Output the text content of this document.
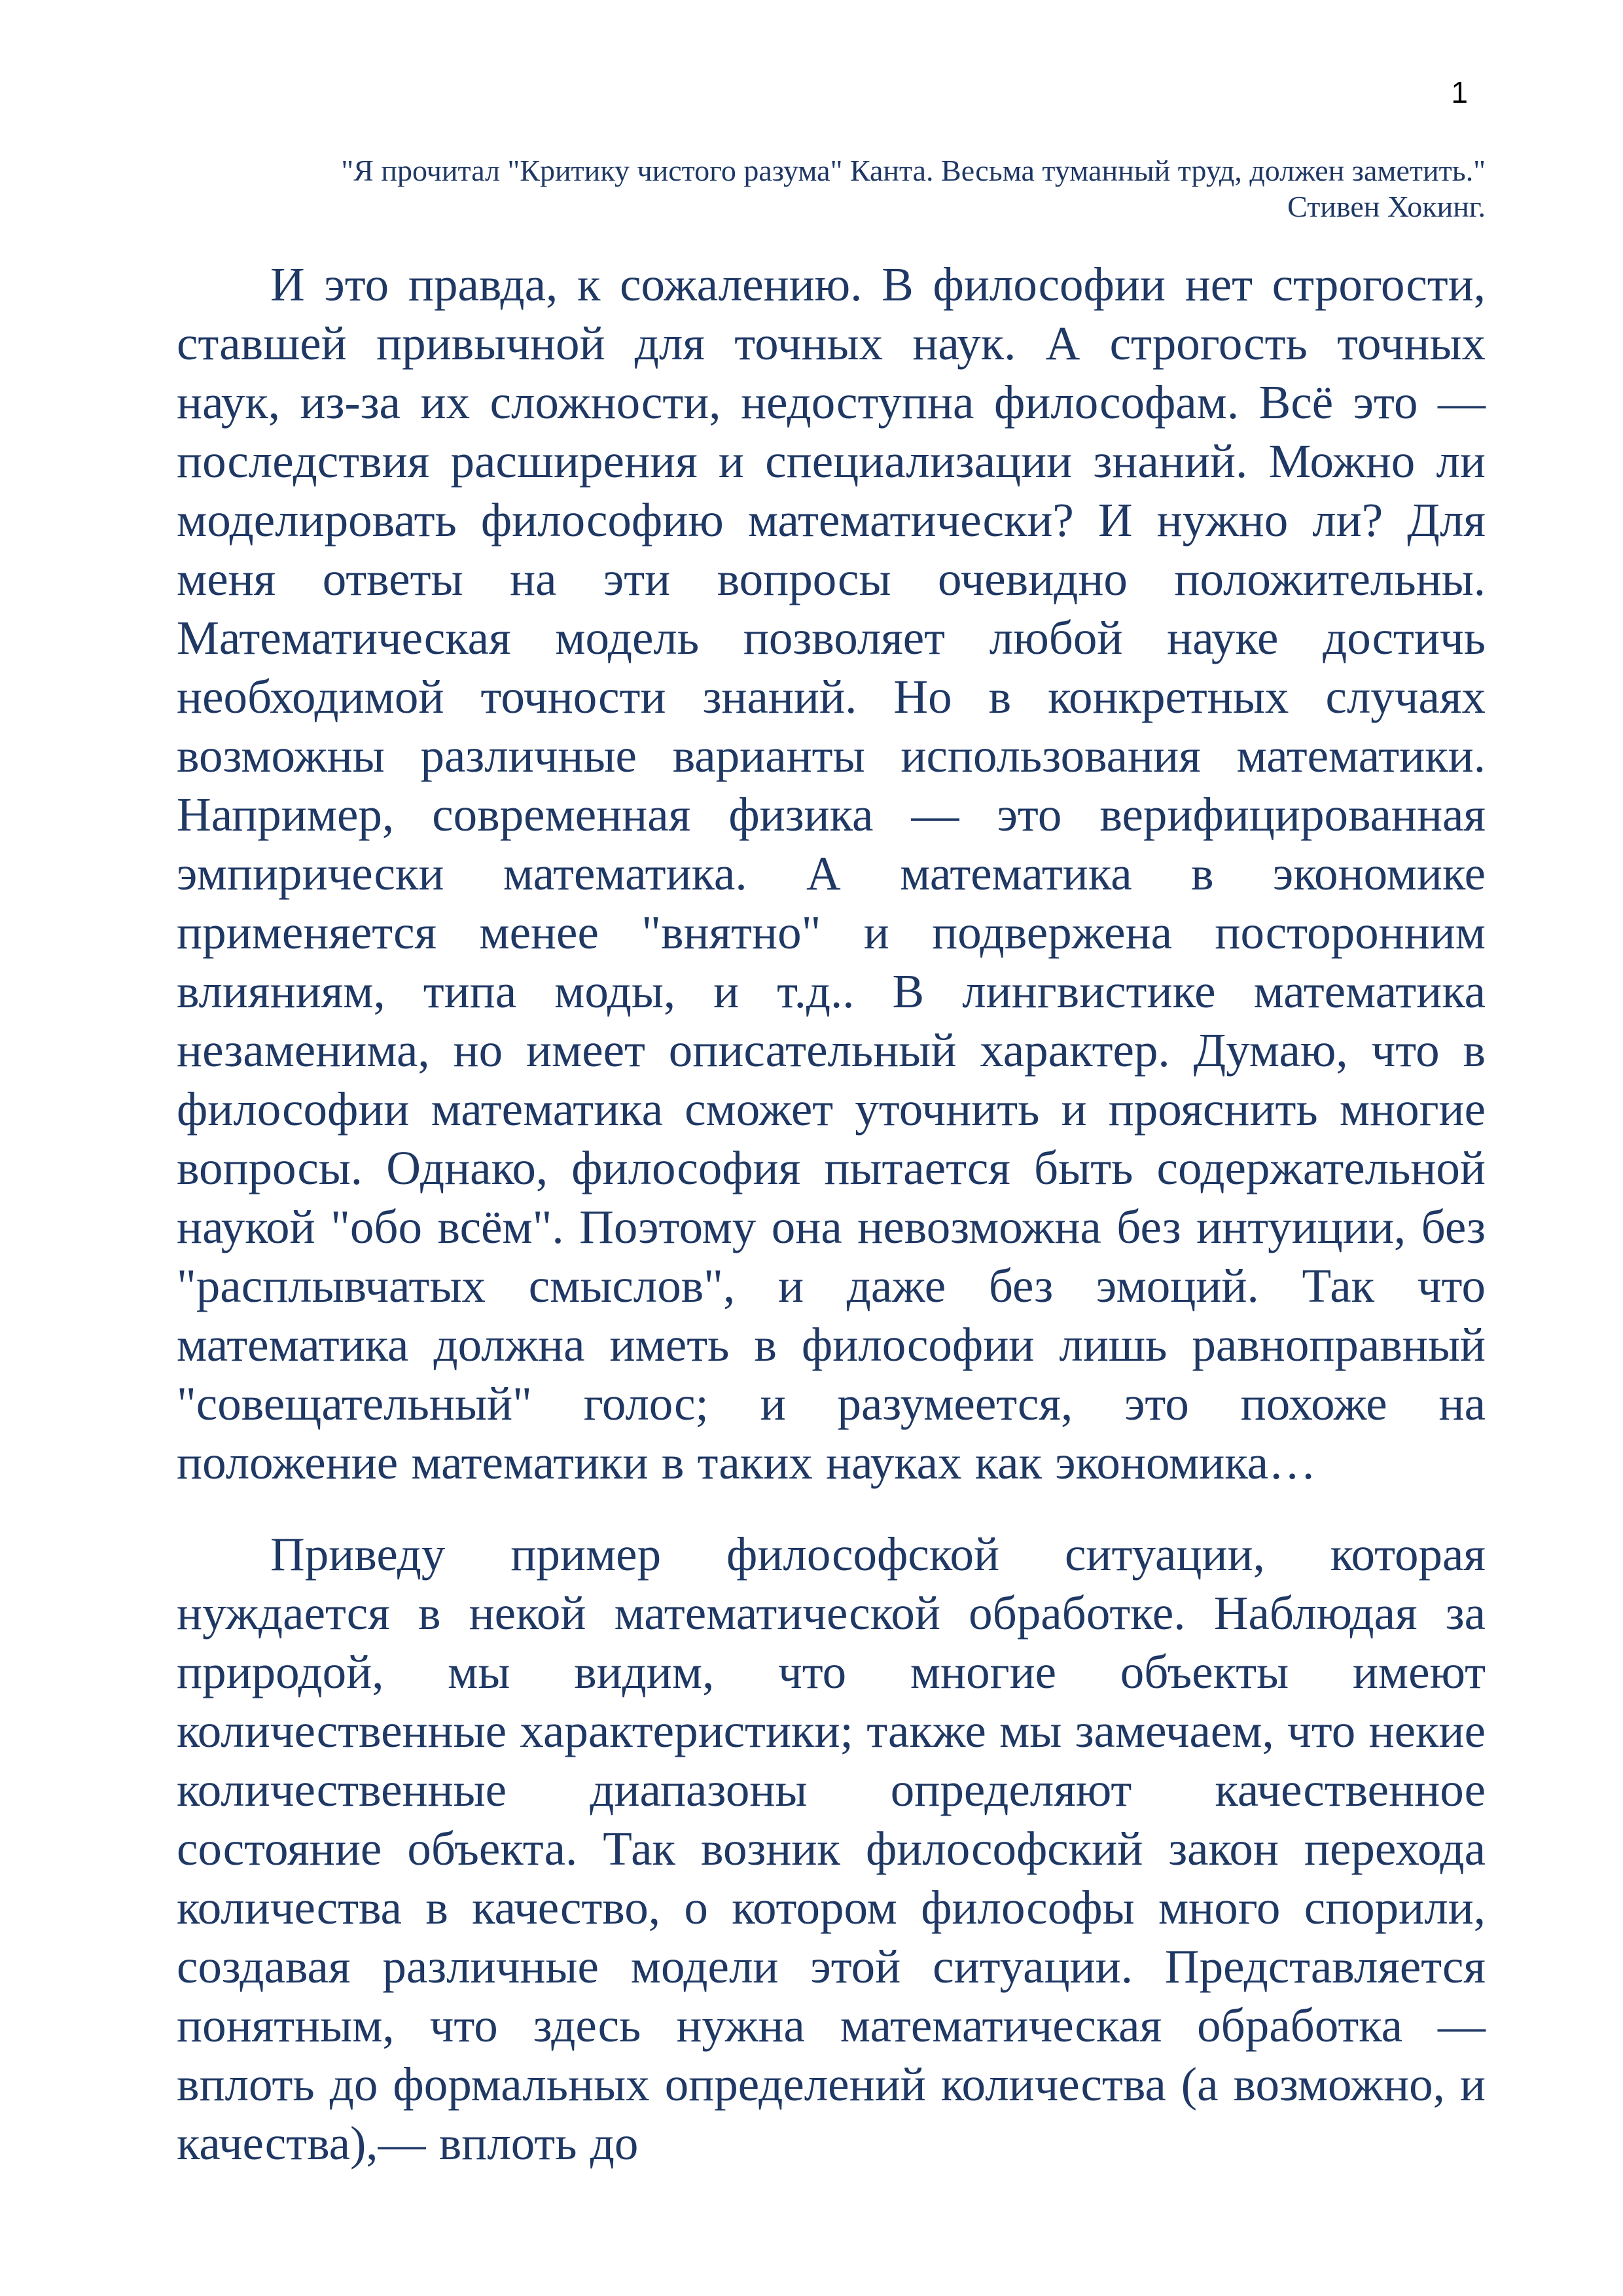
1
"Я прочитал "Критику чистого разума" Канта. Весьма туманный труд, должен заметить."
Стивен Хокинг.

И это правда, к сожалению. В философии нет строгости, ставшей привычной для точных наук. А строгость точных наук, из-за их сложности, недоступна философам. Всё это — последствия расширения и специализации знаний. Можно ли моделировать философию математически? И нужно ли? Для меня ответы на эти вопросы очевидно положительны. Математическая модель позволяет любой науке достичь необходимой точности знаний. Но в конкретных случаях возможны различные варианты использования математики. Например, современная физика — это верифицированная эмпирически математика. А математика в экономике применяется менее "внятно" и подвержена посторонним влияниям, типа моды, и т.д.. В лингвистике математика незаменима, но имеет описательный характер. Думаю, что в философии математика сможет уточнить и прояснить многие вопросы. Однако, философия пытается быть содержательной наукой "обо всём". Поэтому она невозможна без интуиции, без "расплывчатых смыслов", и даже без эмоций. Так что математика должна иметь в философии лишь равноправный "совещательный" голос; и разумеется, это похоже на положение математики в таких науках как экономика…

Приведу пример философской ситуации, которая нуждается в некой математической обработке. Наблюдая за природой, мы видим, что многие объекты имеют количественные характеристики; также мы замечаем, что некие количественные диапазоны определяют качественное состояние объекта. Так возник философский закон перехода количества в качество, о котором философы много спорили, создавая различные модели этой ситуации. Представляется понятным, что здесь нужна математическая обработка — вплоть до формальных определений количества (а возможно, и качества),— вплоть до
